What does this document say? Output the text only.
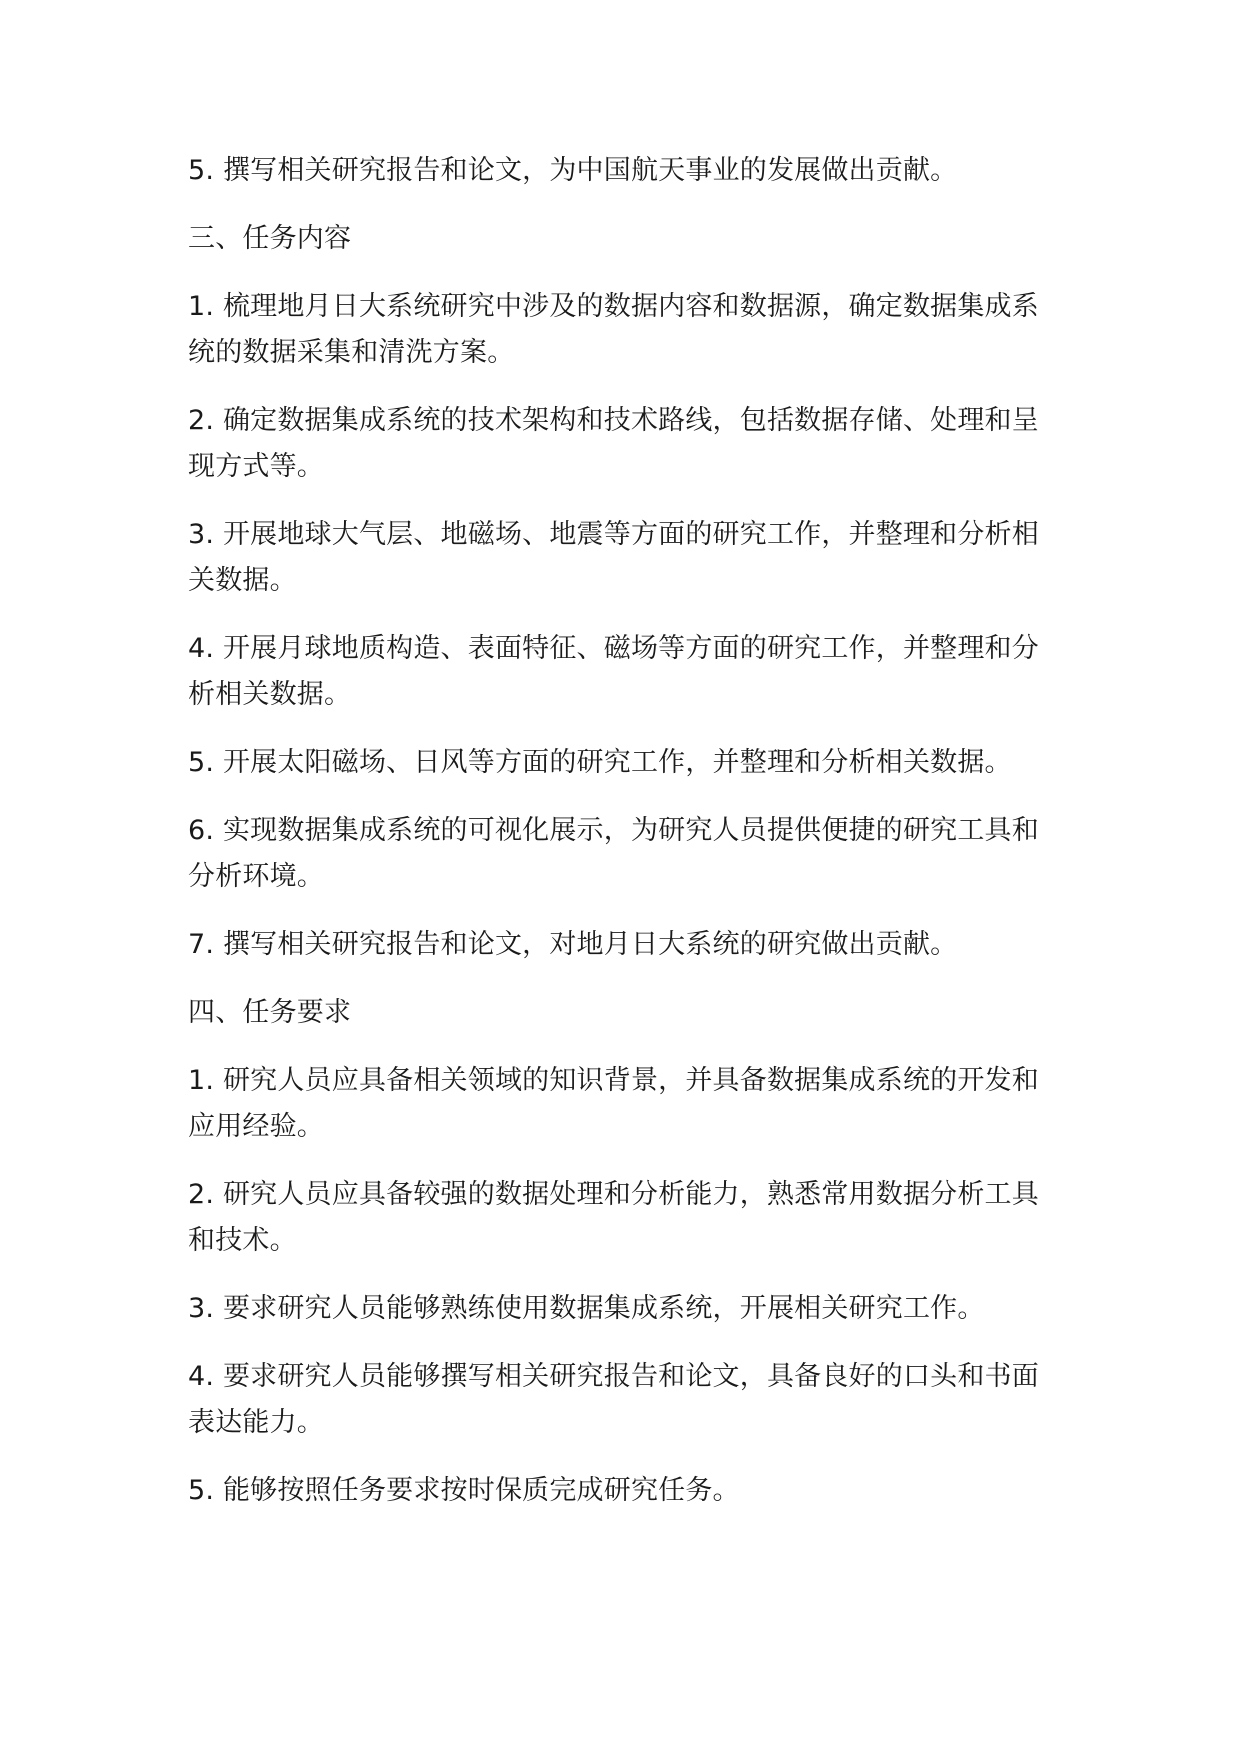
5. 撰写相关研究报告和论文，为中国航天事业的发展做出贡献。

三、任务内容

1. 梳理地月日大系统研究中涉及的数据内容和数据源，确定数据集成系统的数据采集和清洗方案。

2. 确定数据集成系统的技术架构和技术路线，包括数据存储、处理和呈现方式等。

3. 开展地球大气层、地磁场、地震等方面的研究工作，并整理和分析相关数据。

4. 开展月球地质构造、表面特征、磁场等方面的研究工作，并整理和分析相关数据。

5. 开展太阳磁场、日风等方面的研究工作，并整理和分析相关数据。

6. 实现数据集成系统的可视化展示，为研究人员提供便捷的研究工具和分析环境。

7. 撰写相关研究报告和论文，对地月日大系统的研究做出贡献。

四、任务要求

1. 研究人员应具备相关领域的知识背景，并具备数据集成系统的开发和应用经验。

2. 研究人员应具备较强的数据处理和分析能力，熟悉常用数据分析工具和技术。

3. 要求研究人员能够熟练使用数据集成系统，开展相关研究工作。

4. 要求研究人员能够撰写相关研究报告和论文，具备良好的口头和书面表达能力。

5. 能够按照任务要求按时保质完成研究任务。
